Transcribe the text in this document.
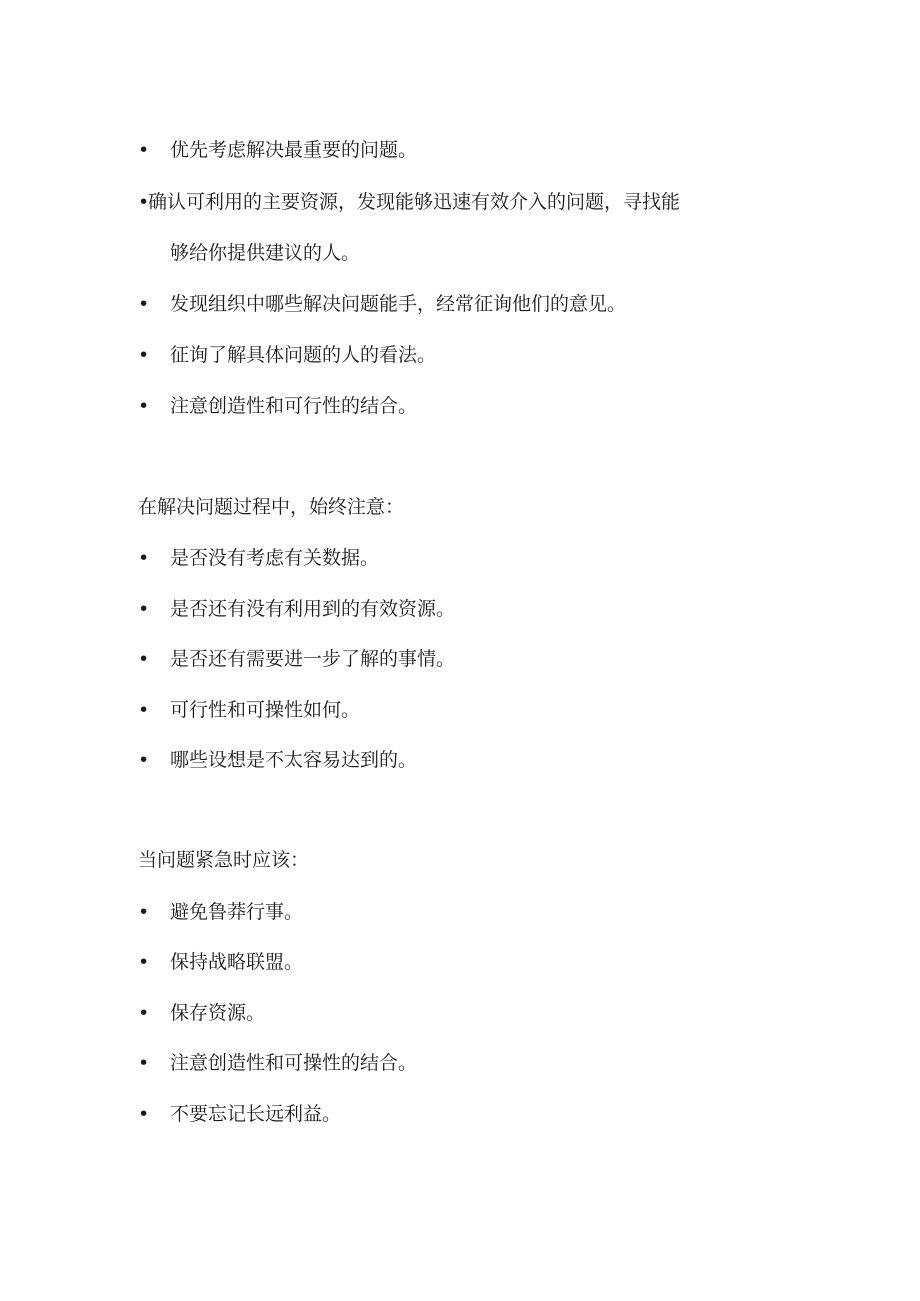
• 优先考虑解决最重要的问题。
•确认可利用的主要资源，发现能够迅速有效介入的问题，寻找能
够给你提供建议的人。
• 发现组织中哪些解决问题能手，经常征询他们的意见。
• 征询了解具体问题的人的看法。
• 注意创造性和可行性的结合。
在解决问题过程中，始终注意：
• 是否没有考虑有关数据。
• 是否还有没有利用到的有效资源。
• 是否还有需要进一步了解的事情。
• 可行性和可操性如何。
• 哪些设想是不太容易达到的。
当问题紧急时应该：
• 避免鲁莽行事。
• 保持战略联盟。
• 保存资源。
• 注意创造性和可操性的结合。
• 不要忘记长远利益。
